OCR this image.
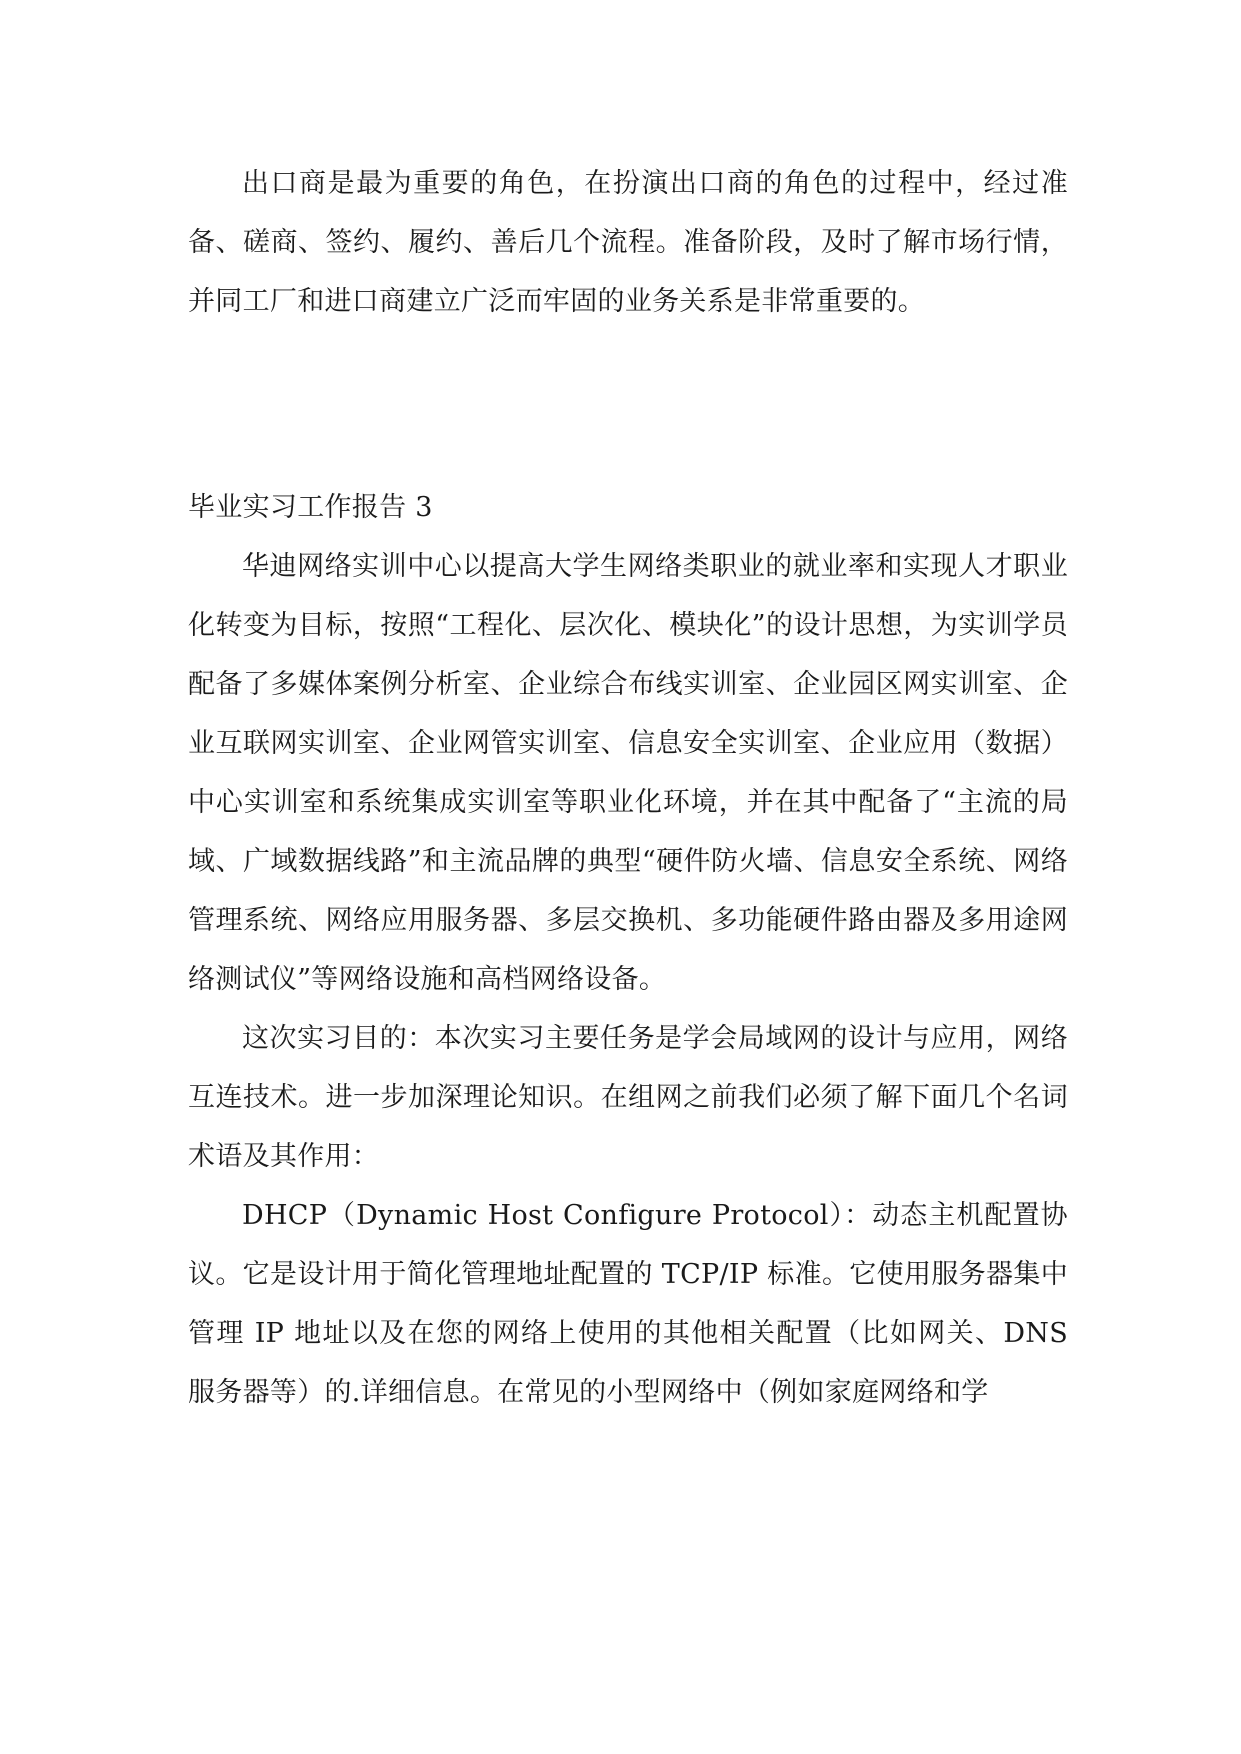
出口商是最为重要的角色，在扮演出口商的角色的过程中，经过准备、磋商、签约、履约、善后几个流程。准备阶段，及时了解市场行情，并同工厂和进口商建立广泛而牢固的业务关系是非常重要的。

毕业实习工作报告 3

华迪网络实训中心以提高大学生网络类职业的就业率和实现人才职业化转变为目标，按照“工程化、层次化、模块化”的设计思想，为实训学员配备了多媒体案例分析室、企业综合布线实训室、企业园区网实训室、企业互联网实训室、企业网管实训室、信息安全实训室、企业应用（数据）中心实训室和系统集成实训室等职业化环境，并在其中配备了“主流的局域、广域数据线路”和主流品牌的典型“硬件防火墙、信息安全系统、网络管理系统、网络应用服务器、多层交换机、多功能硬件路由器及多用途网络测试仪”等网络设施和高档网络设备。

这次实习目的：本次实习主要任务是学会局域网的设计与应用，网络互连技术。进一步加深理论知识。在组网之前我们必须了解下面几个名词术语及其作用：

DHCP（Dynamic Host Configure Protocol）：动态主机配置协议。它是设计用于简化管理地址配置的 TCP/IP 标准。它使用服务器集中管理 IP 地址以及在您的网络上使用的其他相关配置（比如网关、DNS 服务器等）的.详细信息。在常见的小型网络中（例如家庭网络和学
